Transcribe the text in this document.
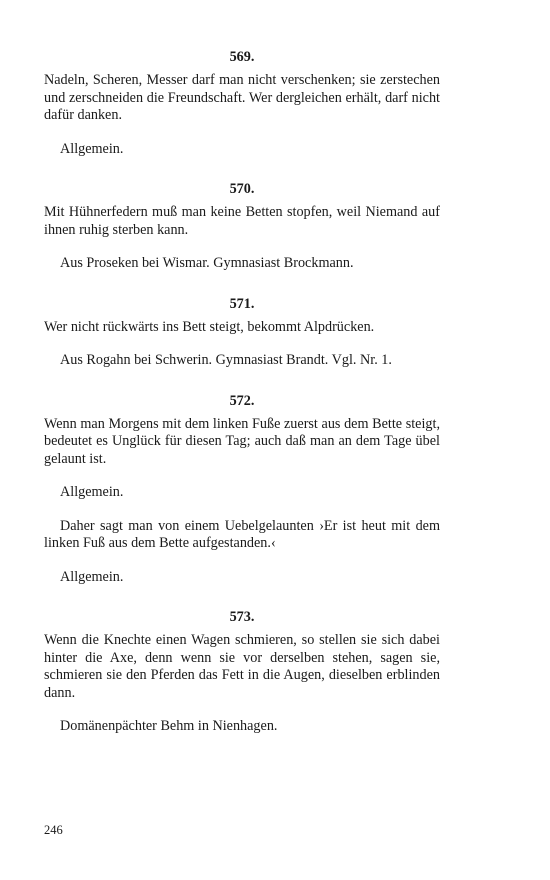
569.

Nadeln, Scheren, Messer darf man nicht verschenken; sie zerstechen und zerschneiden die Freundschaft. Wer dergleichen erhält, darf nicht dafür danken.

Allgemein.

570.

Mit Hühnerfedern muß man keine Betten stopfen, weil Niemand auf ihnen ruhig sterben kann.

Aus Proseken bei Wismar. Gymnasiast Brockmann.

571.

Wer nicht rückwärts ins Bett steigt, bekommt Alpdrücken.

Aus Rogahn bei Schwerin. Gymnasiast Brandt. Vgl. Nr. 1.

572.

Wenn man Morgens mit dem linken Fuße zuerst aus dem Bette steigt, bedeutet es Unglück für diesen Tag; auch daß man an dem Tage übel gelaunt ist.

Allgemein.

Daher sagt man von einem Uebelgelaunten ›Er ist heut mit dem linken Fuß aus dem Bette aufgestanden.‹

Allgemein.

573.

Wenn die Knechte einen Wagen schmieren, so stellen sie sich dabei hinter die Axe, denn wenn sie vor derselben stehen, sagen sie, schmieren sie den Pferden das Fett in die Augen, dieselben erblinden dann.

Domänenpächter Behm in Nienhagen.

246
